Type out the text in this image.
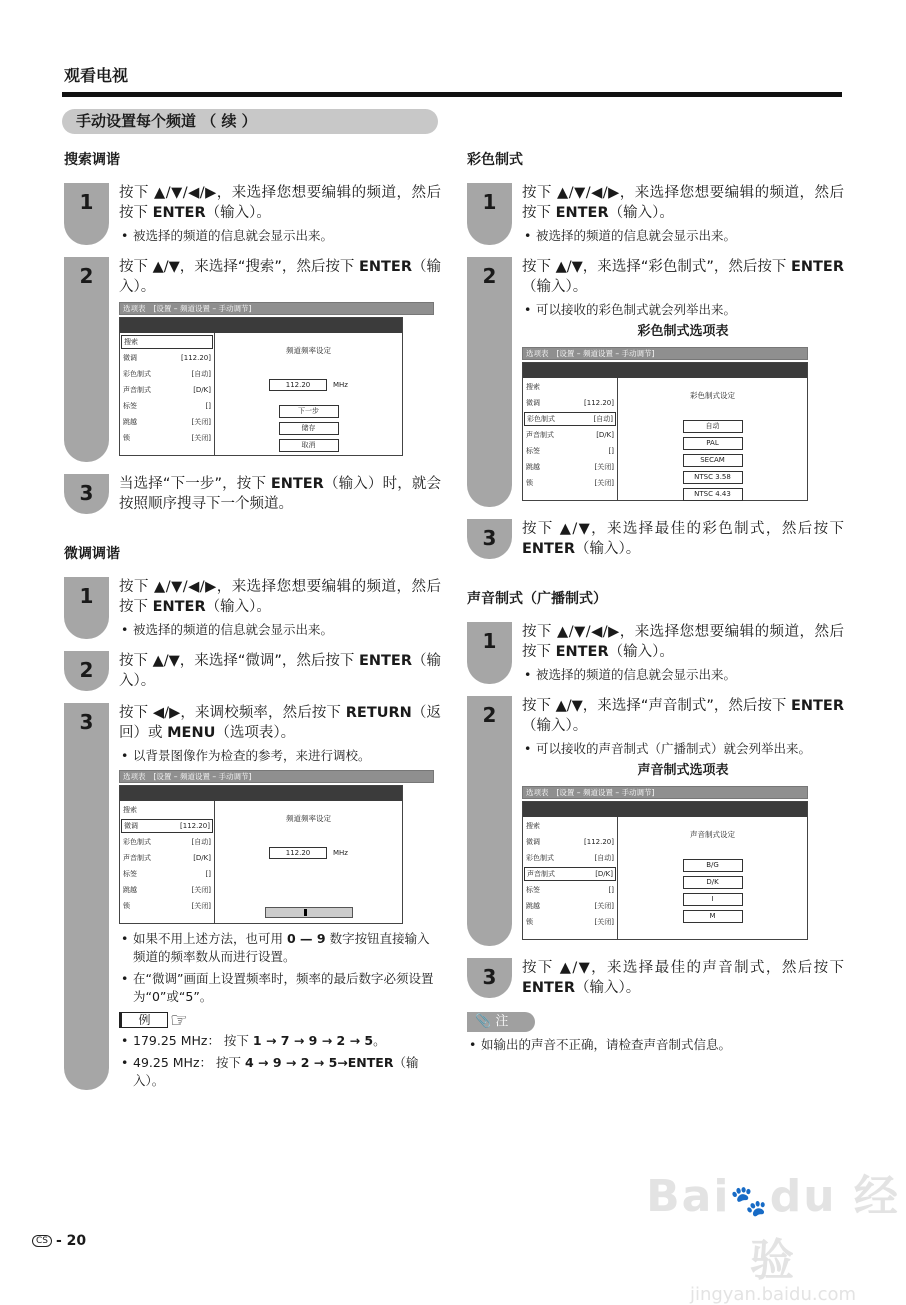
观看电视
手动设置每个频道 （ 续 ）
搜索调谐
1	按下 ▲/▼/◀/▶，来选择您想要编辑的频道，然后按下 ENTER（输入）。
• 被选择的频道的信息就会显示出来。
2	按下 ▲/▼，来选择“搜索”，然后按下 ENTER（输入）。
选项表 [设置 – 频道设置 – 手动调节]
搜索
微调	[112.20]
彩色制式	[自动]
声音制式	[D/K]
标签	[]
跳越	[关闭]
锁	[关闭]
频道频率设定
112.20	MHz
下一步
储存
取消
3	当选择“下一步”，按下 ENTER（输入）时，就会按照顺序搜寻下一个频道。
微调调谐
1	按下 ▲/▼/◀/▶，来选择您想要编辑的频道，然后按下 ENTER（输入）。
• 被选择的频道的信息就会显示出来。
2	按下 ▲/▼，来选择“微调”，然后按下 ENTER（输入）。
3	按下 ◀/▶，来调校频率，然后按下 RETURN（返回）或 MENU（选项表）。
• 以背景图像作为检查的参考，来进行调校。
选项表 [设置 – 频道设置 – 手动调节]
搜索
微调	[112.20]
彩色制式	[自动]
声音制式	[D/K]
标签	[]
跳越	[关闭]
锁	[关闭]
频道频率设定
112.20	MHz
• 如果不用上述方法，也可用 0 — 9 数字按钮直接输入频道的频率数从而进行设置。
• 在“微调”画面上设置频率时，频率的最后数字必须设置为“0”或“5”。
例 ☞
• 179.25 MHz： 按下 1 → 7 → 9 → 2 → 5。
• 49.25 MHz： 按下 4 → 9 → 2 → 5→ENTER（输入）。
彩色制式
1	按下 ▲/▼/◀/▶，来选择您想要编辑的频道，然后按下 ENTER（输入）。
• 被选择的频道的信息就会显示出来。
2	按下 ▲/▼，来选择“彩色制式”，然后按下 ENTER（输入）。
• 可以接收的彩色制式就会列举出来。
彩色制式选项表
选项表 [设置 – 频道设置 – 手动调节]
搜索
微调	[112.20]
彩色制式	[自动]
声音制式	[D/K]
标签	[]
跳越	[关闭]
锁	[关闭]
彩色制式设定
自动
PAL
SECAM
NTSC 3.58
NTSC 4.43
3	按下 ▲/▼，来选择最佳的彩色制式，然后按下 ENTER（输入）。
声音制式（广播制式）
1	按下 ▲/▼/◀/▶，来选择您想要编辑的频道，然后按下 ENTER（输入）。
• 被选择的频道的信息就会显示出来。
2	按下 ▲/▼，来选择“声音制式”，然后按下 ENTER（输入）。
• 可以接收的声音制式（广播制式）就会列举出来。
声音制式选项表
选项表 [设置 – 频道设置 – 手动调节]
搜索
微调	[112.20]
彩色制式	[自动]
声音制式	[D/K]
标签	[]
跳越	[关闭]
锁	[关闭]
声音制式设定
B/G
D/K
I
M
3	按下 ▲/▼，来选择最佳的声音制式，然后按下 ENTER（输入）。
📎 注
• 如输出的声音不正确，请检查声音制式信息。
CS - 20
Bai🐾du 经验
jingyan.baidu.com
